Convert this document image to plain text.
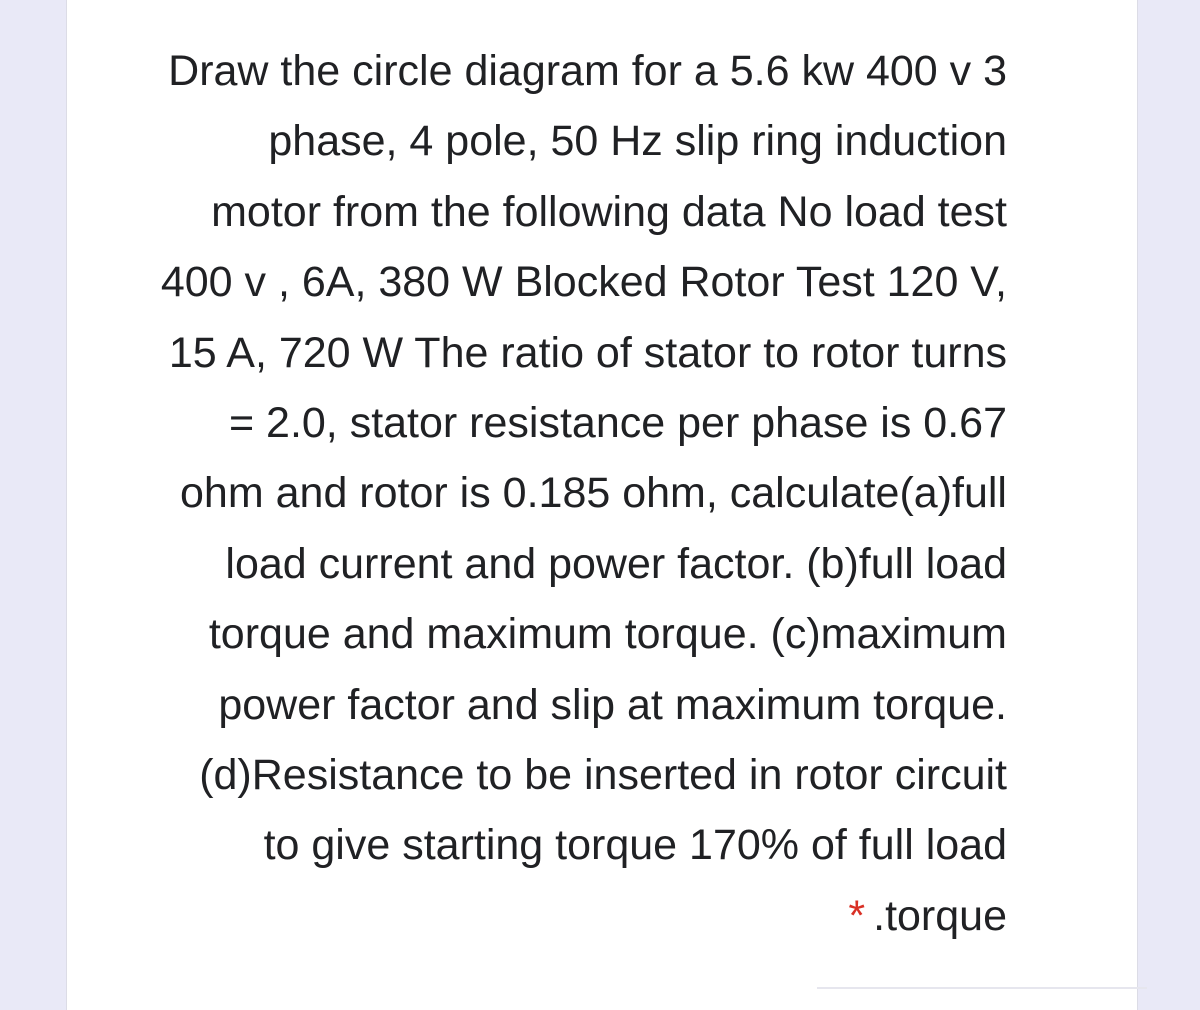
Draw the circle diagram for a 5.6 kw 400 v 3
phase, 4 pole, 50 Hz slip ring induction
motor from the following data No load test
400 v , 6A, 380 W Blocked Rotor Test 120 V,
15 A, 720 W The ratio of stator to rotor turns
= 2.0, stator resistance per phase is 0.67
ohm and rotor is 0.185 ohm, calculate(a)full
load current and power factor. (b)full load
torque and maximum torque. (c)maximum
power factor and slip at maximum torque.
(d)Resistance to be inserted in rotor circuit
to give starting torque 170% of full load
* .torque
